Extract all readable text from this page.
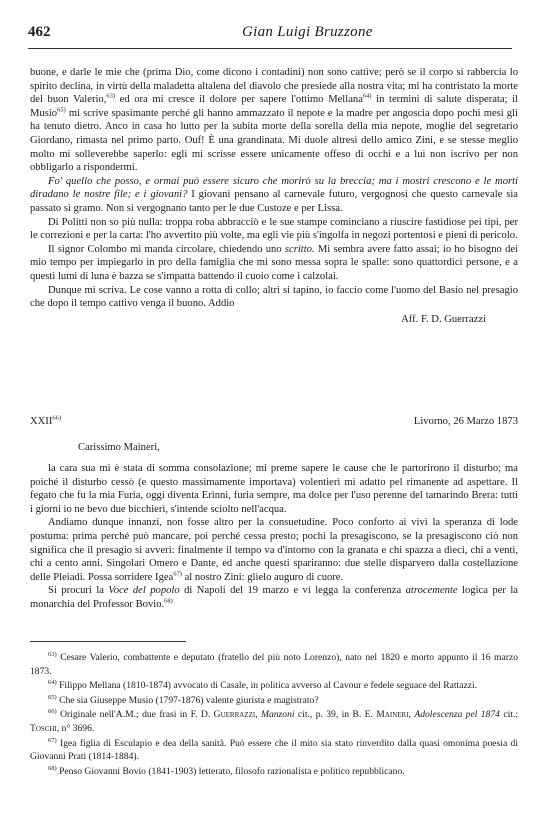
462	Gian Luigi Bruzzone

buone, e darle le mie che (prima Dio, come dicono i contadini) non sono cattive; però se il corpo si rabbercia lo spirito declina, in virtù della maladetta altalena del diavolo che presiede alla nostra vita; mi ha contristato la morte del buon Valerio,$^{63)}$ ed ora mi cresce il dolore per sapere l'ottimo Mellana$^{64)}$ in termini di salute disperata; il Musio$^{65)}$ mi scrive spasimante perché gli hanno ammazzato il nepote e la madre per angoscia dopo pochi mesi gli ha tenuto dietro. Anco in casa ho lutto per la subita morte della sorella della mia nepote, moglie del segretario Giordano, rimasta nel primo parto. Ouf! È una grandinata. Mi duole altresì dello amico Zini, e se stesse meglio molto mi solleverebbe saperlo: egli mi scrisse essere unicamente offeso di occhi e a lui non iscrivo per non obbligarlo a rispondermi.

Fo' quello che posso, e ormai può essere sicuro che morirò su la breccia; ma i mostri crescono e le morti diradano le nostre file; e i giovani? I giovani pensano al carnevale futuro, vergognosi che questo carnevale sia passato sì gramo. Non si vergognano tanto per le due Custoze e per Lissa.

Di Politti non so più nulla: troppa roba abbracciò e le sue stampe cominciano a riuscire fastidiose pei tipi, per le correzioni e per la carta: l'ho avvertito più volte, ma egli vie più s'ingolfa in negozi portentosi e pieni di pericolo.

Il signor Colombo mi manda circolare, chiedendo uno scritto. Mi sembra avere fatto assai; io ho bisogno dei mio tempo per impiegarlo in pro della famiglia che mi sono messa sopra le spalle: sono quattordici persone, e a questi lumi di luna è bazza se s'impatta battendo il cuoio come i calzolai.

Dunque mi scriva. Le cose vanno a rotta di collo; altri si tapino, io faccio come l'uomo del Basio nel presagio che dopo il tempo cattivo venga il buono. Addio

Aff. F. D. Guerrazzi

XXII$^{66)}$	Livorno, 26 Marzo 1873
Carissimo Maineri,

la cara sua mi è stata di somma consolazione; mi preme sapere le cause che le partorirono il disturbo; ma poiché il disturbo cessò (e questo massimamente importava) volentieri mi adatto pel rimanente ad aspettare. Il fegato che fu la mia Furia, oggi diventa Erinni, furia sempre, ma dolce per l'uso perenne del tamarindo Brera: tutti i giorni io ne bevo due bicchieri, s'intende sciolto nell'acqua.

Andiamo dunque innanzi, non fosse altro per la consuetudine. Poco conforto ai vivi la speranza di lode postuma: prima perché può mancare, poi perché cessa presto; pochi la presagiscono, se la presagiscono ciò non significa che il presagio si avveri: finalmente il tempo va d'intorno con la granata e chi spazza a dieci, chi a venti, chi a cento anni. Singolari Omero e Dante, ed anche questi spariranno: due stelle disparvero dalla costellazione delle Pleiadi. Possa sorridere Igea$^{67)}$ al nostro Zini: glielo auguro di cuore.

Si procuri la Voce del popolo di Napoli del 19 marzo e vi legga la conferenza atrocemente logica per la monarchia del Professor Bovio.$^{68)}$

$^{63)}$ Cesare Valerio, combattente e deputato (fratello del più noto Lorenzo), nato nel 1820 e morto appunto il 16 marzo 1873.

$^{64)}$ Filippo Mellana (1810-1874) avvocato di Casale, in politica avverso al Cavour e fedele seguace del Rattazzi.

$^{65)}$ Che sia Giuseppe Musio (1797-1876) valente giurista e magistrato?

$^{66)}$ Originale nell'A.M.; due frasi in F. D. Guerrazzi, Manzoni cit., p. 39, in B. E. Maineri, Adolescenza pel 1874 cit.; Toschi, n° 3696.

$^{67)}$ Igea figlia di Esculapio e dea della sanità. Può essere che il mito sia stato rinverdito dalla quasi omonima poesia di Giovanni Prati (1814-1884).

$^{68)}$ Penso Giovanni Bovio (1841-1903) letterato, filosofo razionalista e politico repubblicano.
